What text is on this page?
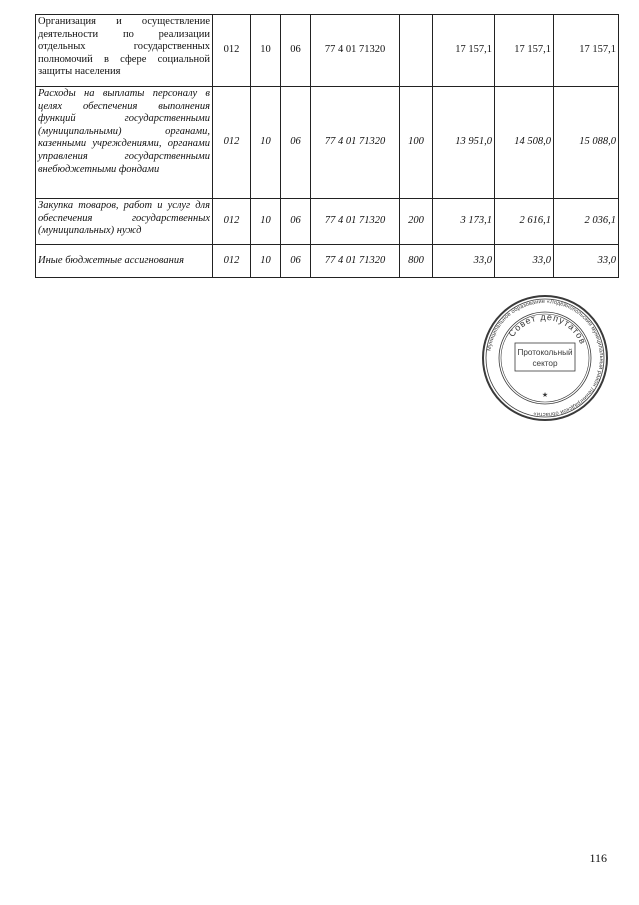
Организация и осуществление деятельности по реализации отдельных государственных полномочий в сфере социальной защиты населения	012	10	06	77 4 01 71320		17 157,1	17 157,1	17 157,1
Расходы на выплаты персоналу в целях обеспечения выполнения функций государственными (муниципальными) органами, казенными учреждениями, органами управления государственными внебюджетными фондами	012	10	06	77 4 01 71320	100	13 951,0	14 508,0	15 088,0
Закупка товаров, работ и услуг для обеспечения государственных (муниципальных) нужд	012	10	06	77 4 01 71320	200	3 173,1	2 616,1	2 036,1
Иные бюджетные ассигнования	012	10	06	77 4 01 71320	800	33,0	33,0	33,0
Муниципальное образование «Лодейнопольский муниципальный район Ленинградской области»
Совет депутатов
Протокольный
сектор
★
116
